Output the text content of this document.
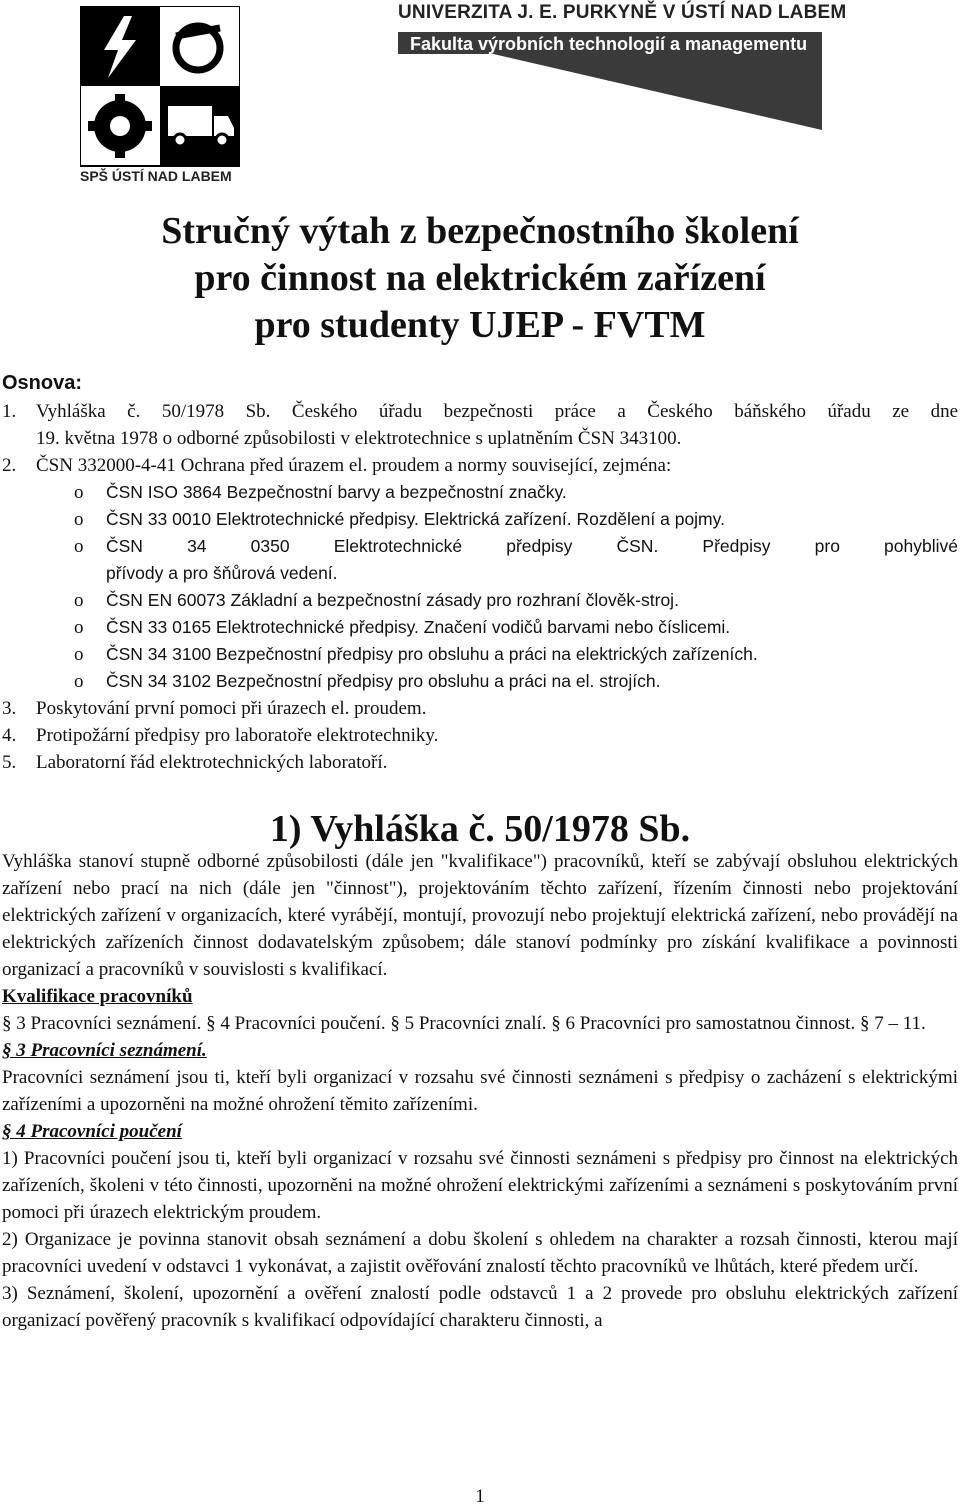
SPŠ ÚSTÍ NAD LABEM
UNIVERZITA J. E. PURKYNĚ V ÚSTÍ NAD LABEM
Fakulta výrobních technologií a managementu
Stručný výtah z bezpečnostního školení
pro činnost na elektrickém zařízení
pro studenty UJEP - FVTM
Osnova:
1.	Vyhláška č. 50/1978 Sb. Českého úřadu bezpečnosti práce a Českého báňského úřadu ze dne
19. května 1978 o odborné způsobilosti v elektrotechnice s uplatněním ČSN 343100.
2.	ČSN 332000-4-41 Ochrana před úrazem el. proudem a normy související, zejména:
o	ČSN ISO 3864 Bezpečnostní barvy a bezpečnostní značky.
o	ČSN 33 0010 Elektrotechnické předpisy. Elektrická zařízení. Rozdělení a pojmy.
o	ČSN 34 0350 Elektrotechnické předpisy ČSN. Předpisy pro pohyblivé
přívody a pro šňůrová vedení.
o	ČSN EN 60073 Základní a bezpečnostní zásady pro rozhraní člověk-stroj.
o	ČSN 33 0165 Elektrotechnické předpisy. Značení vodičů barvami nebo číslicemi.
o	ČSN 34 3100 Bezpečnostní předpisy pro obsluhu a práci na elektrických zařízeních.
o	ČSN 34 3102 Bezpečnostní předpisy pro obsluhu a práci na el. strojích.
3.	Poskytování první pomoci při úrazech el. proudem.
4.	Protipožární předpisy pro laboratoře elektrotechniky.
5.	Laboratorní řád elektrotechnických laboratoří.
1) Vyhláška č. 50/1978 Sb.

Vyhláška stanoví stupně odborné způsobilosti (dále jen "kvalifikace") pracovníků, kteří se zabývají obsluhou elektrických zařízení nebo prací na nich (dále jen "činnost"), projektováním těchto zařízení, řízením činnosti nebo projektování elektrických zařízení v organizacích, které vyrábějí, montují, provozují nebo projektují elektrická zařízení, nebo provádějí na elektrických zařízeních činnost dodavatelským způsobem; dále stanoví podmínky pro získání kvalifikace a povinnosti organizací a pracovníků v souvislosti s kvalifikací.

Kvalifikace pracovníků

§ 3 Pracovníci seznámení. § 4 Pracovníci poučení. § 5 Pracovníci znalí. § 6 Pracovníci pro samostatnou činnost. § 7 – 11.

§ 3 Pracovníci seznámení.

Pracovníci seznámení jsou ti, kteří byli organizací v rozsahu své činnosti seznámeni s předpisy o zacházení s elektrickými zařízeními a upozorněni na možné ohrožení těmito zařízeními.

§ 4 Pracovníci poučení

1) Pracovníci poučení jsou ti, kteří byli organizací v rozsahu své činnosti seznámeni s předpisy pro činnost na elektrických zařízeních, školeni v této činnosti, upozorněni na možné ohrožení elektrickými zařízeními a seznámeni s poskytováním první pomoci při úrazech elektrickým proudem.

2) Organizace je povinna stanovit obsah seznámení a dobu školení s ohledem na charakter a rozsah činnosti, kterou mají pracovníci uvedení v odstavci 1 vykonávat, a zajistit ověřování znalostí těchto pracovníků ve lhůtách, které předem určí.

3) Seznámení, školení, upozornění a ověření znalostí podle odstavců 1 a 2 provede pro obsluhu elektrických zařízení organizací pověřený pracovník s kvalifikací odpovídající charakteru činnosti, a

1
